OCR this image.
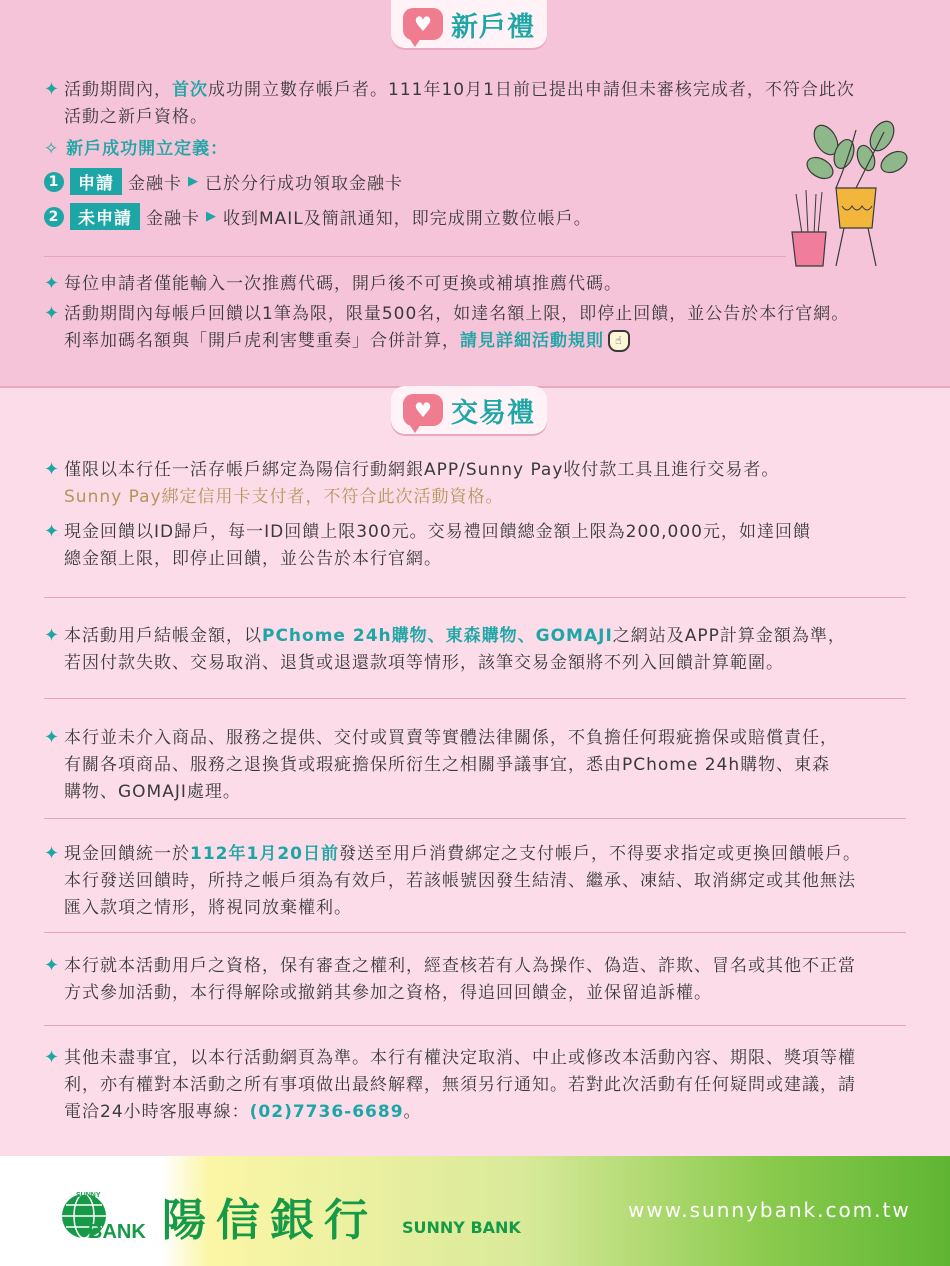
♥ 新戶禮
✦ 活動期間內，首次成功開立數存帳戶者。111年10月1日前已提出申請但未審核完成者，不符合此次
活動之新戶資格。
✧ 新戶成功開立定義：
1	申請 金融卡 ▶ 已於分行成功領取金融卡
2	未申請 金融卡 ▶ 收到MAIL及簡訊通知，即完成開立數位帳戶。
✦ 每位申請者僅能輸入一次推薦代碼，開戶後不可更換或補填推薦代碼。
✦ 活動期間內每帳戶回饋以1筆為限，限量500名，如達名額上限，即停止回饋，並公告於本行官網。
利率加碼名額與「開戶虎利害雙重奏」合併計算，請見詳細活動規則 ☝
♥ 交易禮
✦ 僅限以本行任一活存帳戶綁定為陽信行動網銀APP/Sunny Pay收付款工具且進行交易者。
Sunny Pay綁定信用卡支付者，不符合此次活動資格。
✦ 現金回饋以ID歸戶，每一ID回饋上限300元。交易禮回饋總金額上限為200,000元，如達回饋
總金額上限，即停止回饋，並公告於本行官網。
✦ 本活動用戶結帳金額，以PChome 24h購物、東森購物、GOMAJI之網站及APP計算金額為準，
若因付款失敗、交易取消、退貨或退還款項等情形，該筆交易金額將不列入回饋計算範圍。
✦ 本行並未介入商品、服務之提供、交付或買賣等實體法律關係，不負擔任何瑕疵擔保或賠償責任，
有關各項商品、服務之退換貨或瑕疵擔保所衍生之相關爭議事宜，悉由PChome 24h購物、東森
購物、GOMAJI處理。
✦ 現金回饋統一於112年1月20日前發送至用戶消費綁定之支付帳戶，不得要求指定或更換回饋帳戶。
本行發送回饋時，所持之帳戶須為有效戶，若該帳號因發生結清、繼承、凍結、取消綁定或其他無法
匯入款項之情形，將視同放棄權利。
✦ 本行就本活動用戶之資格，保有審查之權利，經查核若有人為操作、偽造、詐欺、冒名或其他不正當
方式參加活動，本行得解除或撤銷其參加之資格，得追回回饋金，並保留追訴權。
✦ 其他未盡事宜，以本行活動網頁為準。本行有權決定取消、中止或修改本活動內容、期限、獎項等權
利，亦有權對本活動之所有事項做出最終解釋，無須另行通知。若對此次活動有任何疑問或建議，請
電洽24小時客服專線：(02)7736-6689。
SUNNY
BANK 陽信銀行 SUNNY BANK
www.sunnybank.com.tw
